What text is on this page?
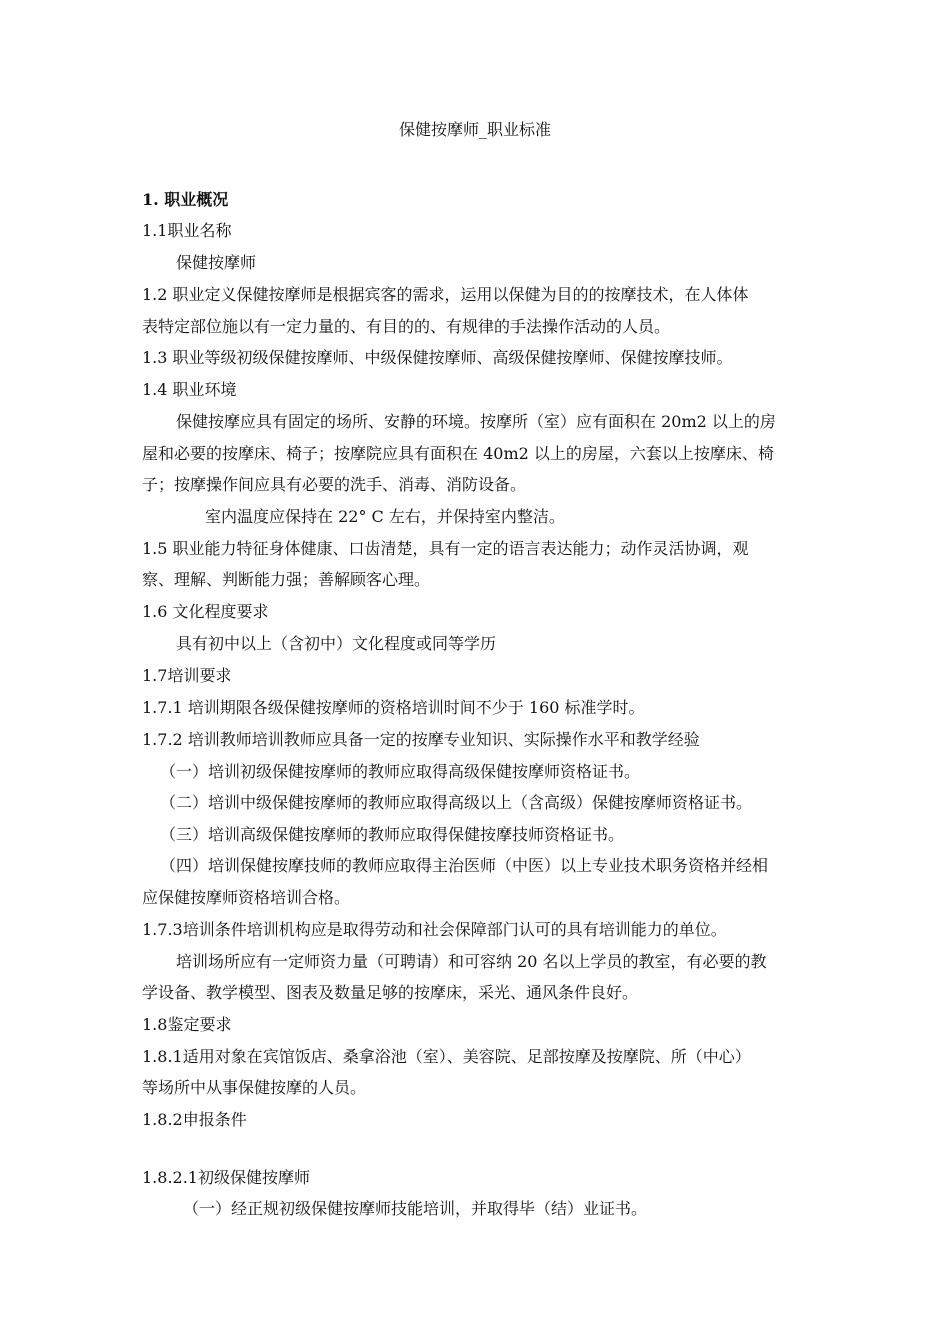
保健按摩师_职业标准
1. 职业概况
1.1职业名称
保健按摩师
1.2 职业定义保健按摩师是根据宾客的需求，运用以保健为目的的按摩技术，在人体体
表特定部位施以有一定力量的、有目的的、有规律的手法操作活动的人员。
1.3 职业等级初级保健按摩师、中级保健按摩师、高级保健按摩师、保健按摩技师。
1.4 职业环境
保健按摩应具有固定的场所、安静的环境。按摩所（室）应有面积在 20m2 以上的房
屋和必要的按摩床、椅子；按摩院应具有面积在 40m2 以上的房屋，六套以上按摩床、椅
子；按摩操作间应具有必要的洗手、消毒、消防设备。
室内温度应保持在 22° C 左右，并保持室内整洁。
1.5 职业能力特征身体健康、口齿清楚，具有一定的语言表达能力；动作灵活协调，观
察、理解、判断能力强；善解顾客心理。
1.6 文化程度要求
具有初中以上（含初中）文化程度或同等学历
1.7培训要求
1.7.1 培训期限各级保健按摩师的资格培训时间不少于 160 标准学时。
1.7.2 培训教师培训教师应具备一定的按摩专业知识、实际操作水平和教学经验
（一）培训初级保健按摩师的教师应取得高级保健按摩师资格证书。
（二）培训中级保健按摩师的教师应取得高级以上（含高级）保健按摩师资格证书。
（三）培训高级保健按摩师的教师应取得保健按摩技师资格证书。
（四）培训保健按摩技师的教师应取得主治医师（中医）以上专业技术职务资格并经相
应保健按摩师资格培训合格。
1.7.3培训条件培训机构应是取得劳动和社会保障部门认可的具有培训能力的单位。
培训场所应有一定师资力量（可聘请）和可容纳 20 名以上学员的教室，有必要的教
学设备、教学模型、图表及数量足够的按摩床，采光、通风条件良好。
1.8鉴定要求
1.8.1适用对象在宾馆饭店、桑拿浴池（室）、美容院、足部按摩及按摩院、所（中心）
等场所中从事保健按摩的人员。
1.8.2申报条件
1.8.2.1初级保健按摩师
（一）经正规初级保健按摩师技能培训，并取得毕（结）业证书。
